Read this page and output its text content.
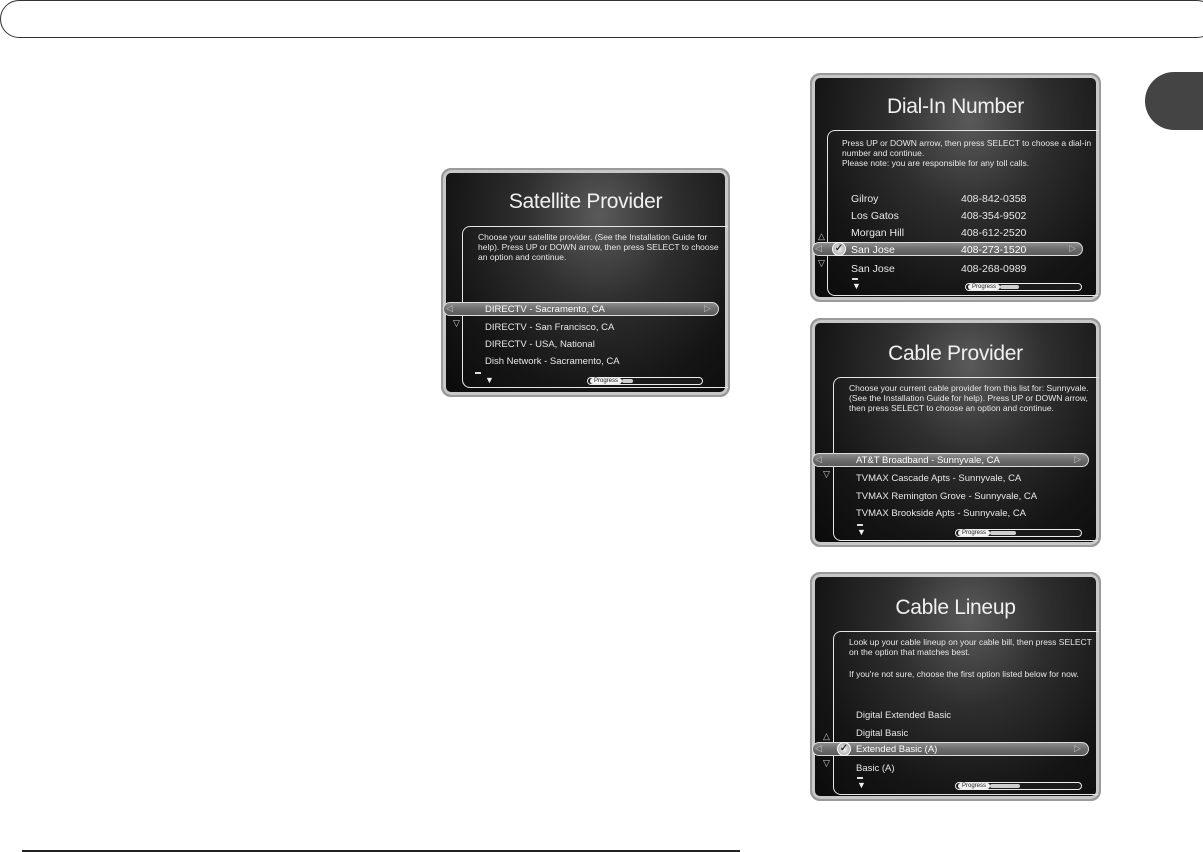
Satellite Provider
Choose your satellite provider. (See the Installation Guide for help). Press UP or DOWN arrow, then press SELECT to choose an option and continue.
◁	▷
▽
DIRECTV - Sacramento, CA
DIRECTV - San Francisco, CA
DIRECTV - USA, National
Dish Network - Sacramento, CA
▼	Progress
Dial-In Number
Press UP or DOWN arrow, then press SELECT to choose a dial-in number and continue.
Please note: you are responsible for any toll calls.
◁	▷
△
▽
✓
Gilroy	408-842-0358
Los Gatos	408-354-9502
Morgan Hill	408-612-2520
San Jose	408-273-1520
San Jose	408-268-0989
▼	Progress
Cable Provider
Choose your current cable provider from this list for: Sunnyvale. (See the Installation Guide for help). Press UP or DOWN arrow, then press SELECT to choose an option and continue.
◁	▷
▽
AT&T Broadband - Sunnyvale, CA
TVMAX Cascade Apts - Sunnyvale, CA
TVMAX Remington Grove - Sunnyvale, CA
TVMAX Brookside Apts - Sunnyvale, CA
▼	Progress
Cable Lineup
Look up your cable lineup on your cable bill, then press SELECT on the option that matches best.
If you're not sure, choose the first option listed below for now.
◁	▷
△
▽
✓
Digital Extended Basic
Digital Basic
Extended Basic (A)
Basic (A)
▼	Progress
